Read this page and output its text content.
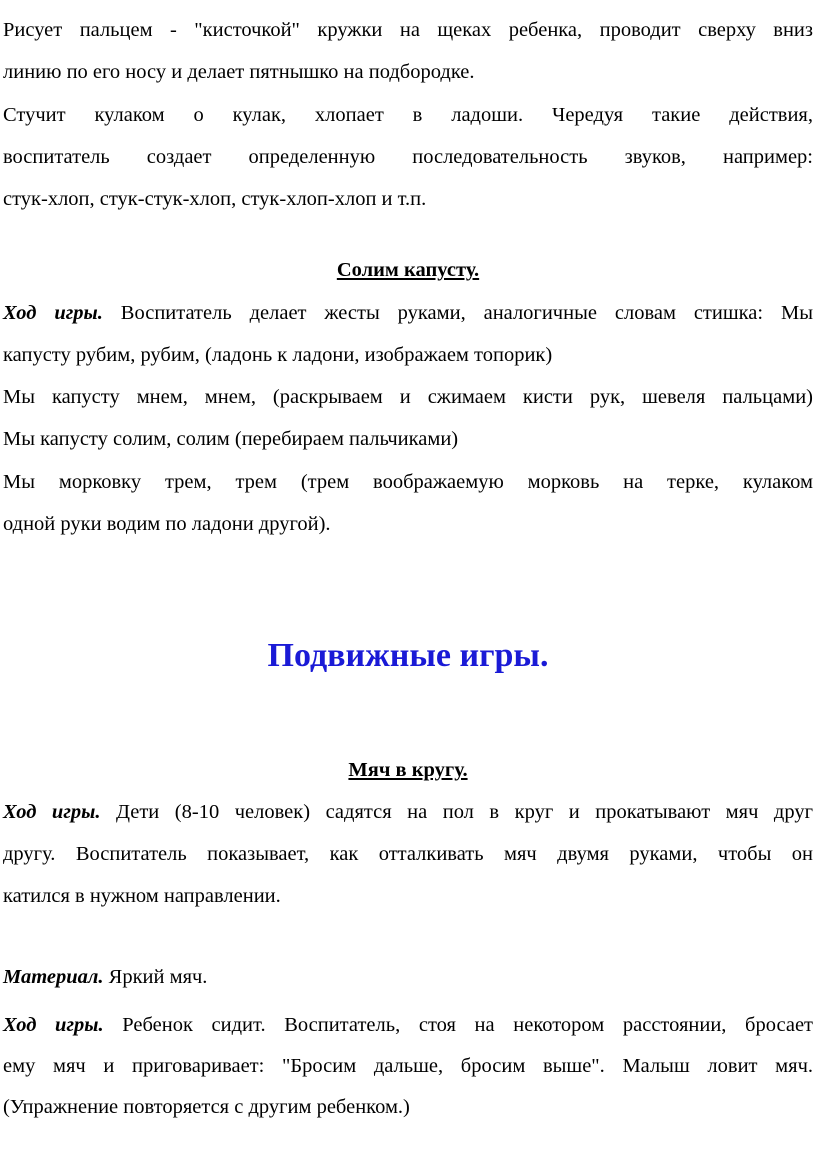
Рисует пальцем - "кисточкой" кружки на щеках ребенка, проводит сверху вниз
линию по его носу и делает пятнышко на подбородке.
Стучит кулаком о кулак, хлопает в ладоши. Чередуя такие действия,
воспитатель создает определенную последовательность звуков, например:
стук-хлоп, стук-стук-хлоп, стук-хлоп-хлоп и т.п.
Солим капусту.
Ход игры. Воспитатель делает жесты руками, аналогичные словам стишка: Мы
капусту рубим, рубим, (ладонь к ладони, изображаем топорик)
Мы капусту мнем, мнем, (раскрываем и сжимаем кисти рук, шевеля пальцами)
Мы капусту солим, солим (перебираем пальчиками)
Мы морковку трем, трем (трем воображаемую морковь на терке, кулаком
одной руки водим по ладони другой).
Подвижные игры.
Мяч в кругу.
Ход игры. Дети (8-10 человек) садятся на пол в круг и прокатывают мяч друг
другу. Воспитатель показывает, как отталкивать мяч двумя руками, чтобы он
катился в нужном направлении.
Материал. Яркий мяч.
Ход игры. Ребенок сидит. Воспитатель, стоя на некотором расстоянии, бросает
ему мяч и приговаривает: "Бросим дальше, бросим выше". Малыш ловит мяч.
(Упражнение повторяется с другим ребенком.)
